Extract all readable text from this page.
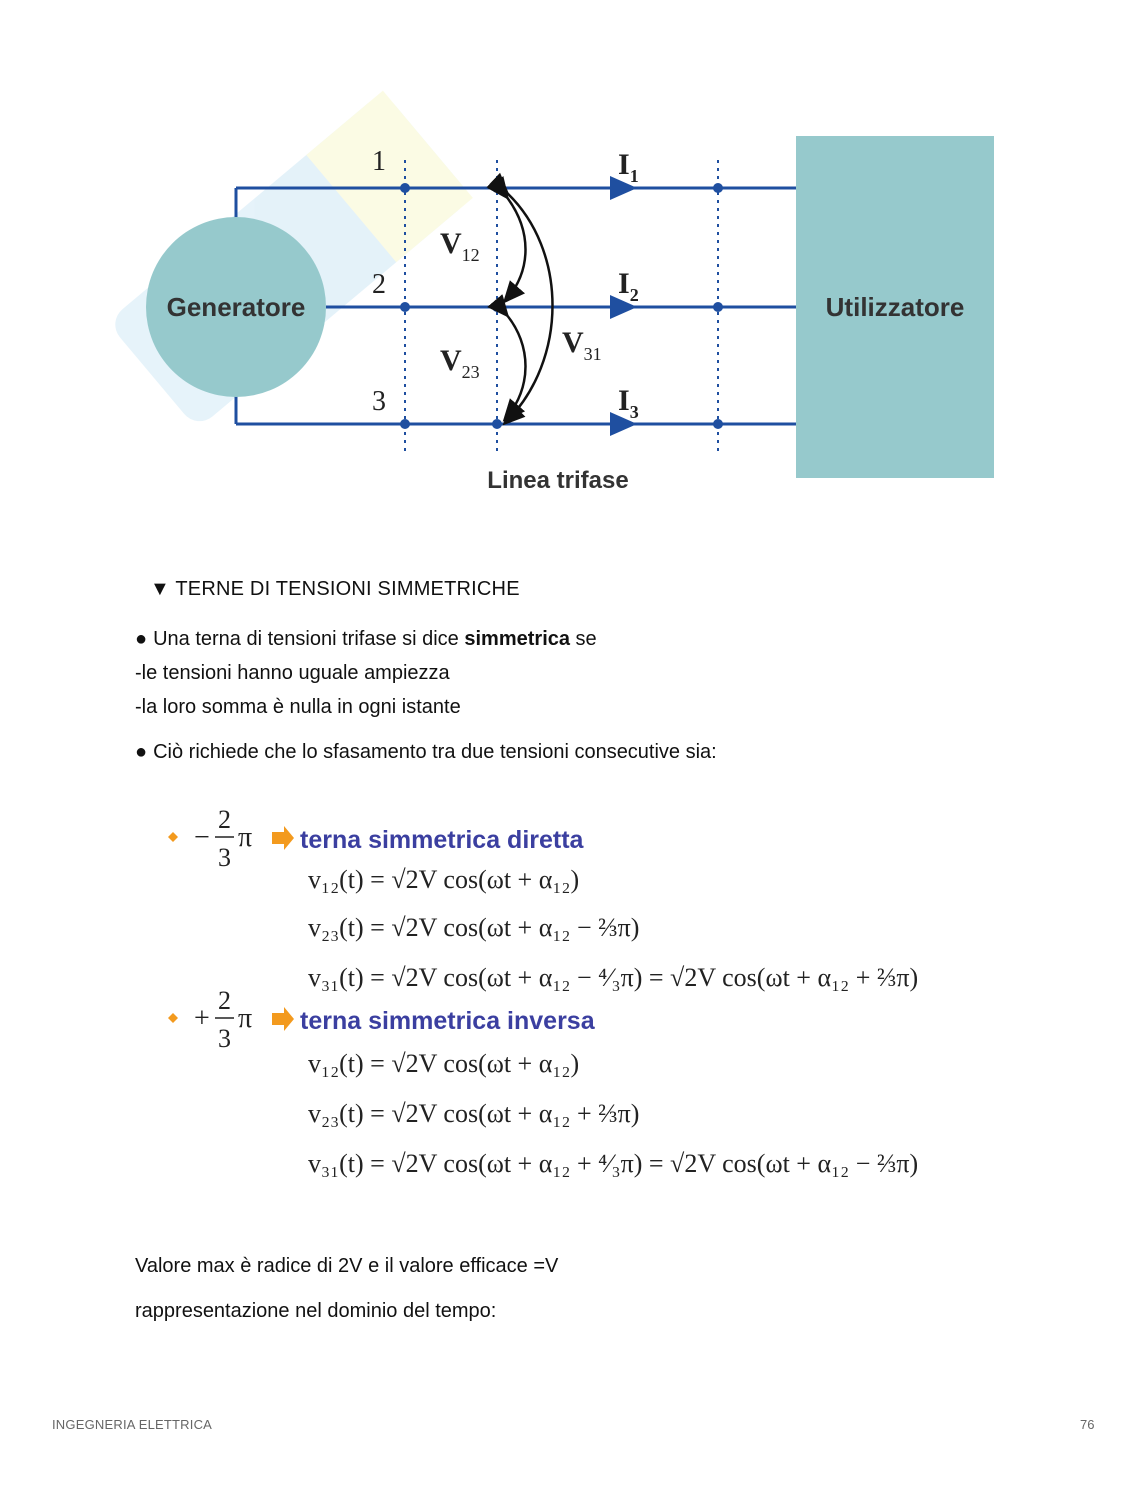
Generatore	Utilizzatore
1
2
3
$I_1$
$I_2$
$I_3$
$V_{12}$
$V_{23}$
$V_{31}$
Linea trifase
▼ TERNE DI TENSIONI SIMMETRICHE
● Una terna di tensioni trifase si dice simmetrica se
-le tensioni hanno uguale ampiezza
-la loro somma è nulla in ogni istante
● Ciò richiede che lo sfasamento tra due tensioni consecutive sia:
−
2
3
π terna simmetrica diretta
v₁₂(t) = √2V cos(ωt + α₁₂)
v₂₃(t) = √2V cos(ωt + α₁₂ − ⅔π)
v₃₁(t) = √2V cos(ωt + α₁₂ − ⁴⁄₃π) = √2V cos(ωt + α₁₂ + ⅔π)
+
2
3
π terna simmetrica inversa
v₁₂(t) = √2V cos(ωt + α₁₂)
v₂₃(t) = √2V cos(ωt + α₁₂ + ⅔π)
v₃₁(t) = √2V cos(ωt + α₁₂ + ⁴⁄₃π) = √2V cos(ωt + α₁₂ − ⅔π)
Valore max è radice di 2V e il valore efficace =V
rappresentazione nel dominio del tempo:
INGEGNERIA ELETTRICA	76
